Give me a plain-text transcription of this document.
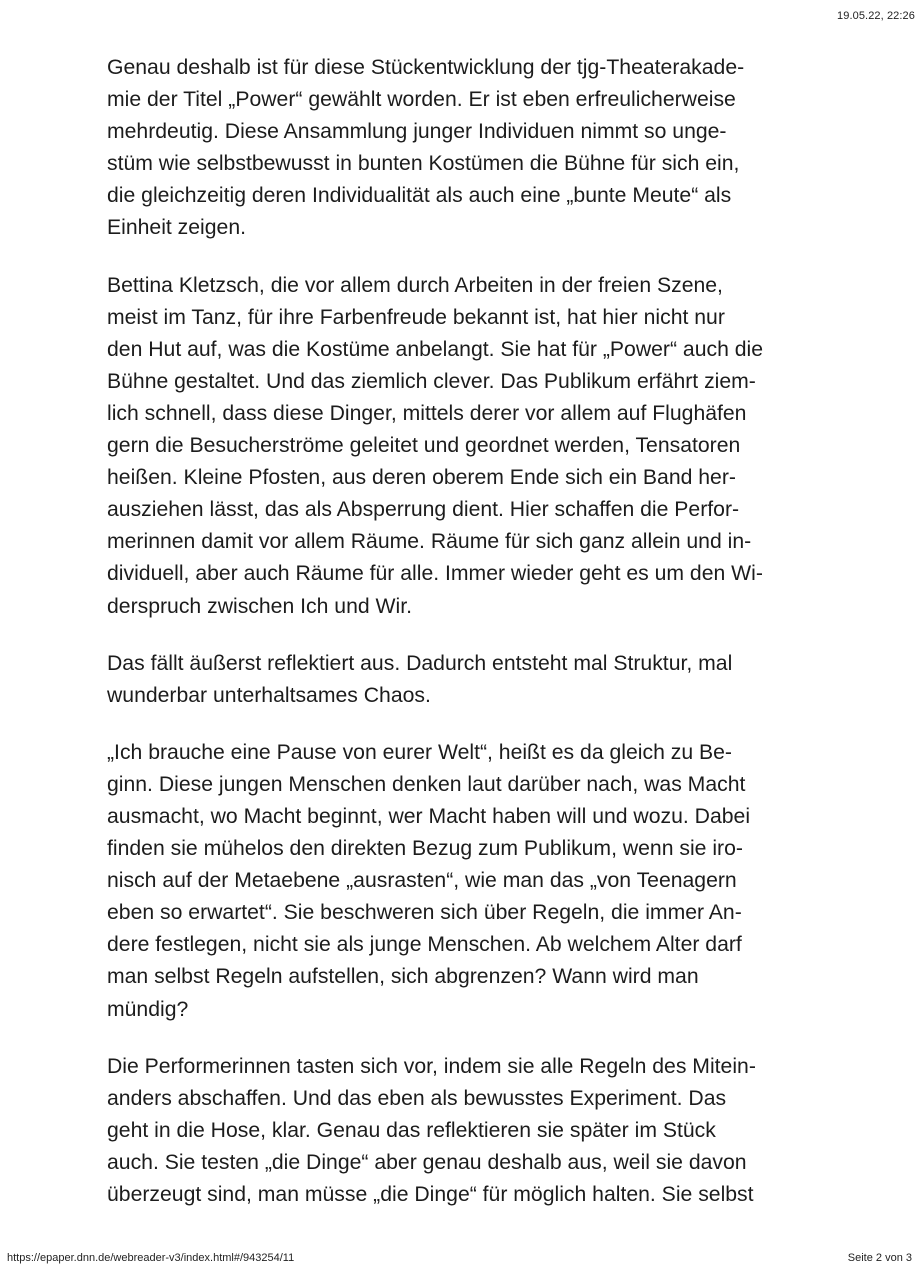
19.05.22, 22:26

Genau deshalb ist für diese Stückentwicklung der tjg-Theaterakade-
mie der Titel „Power“ gewählt worden. Er ist eben erfreulicherweise
mehrdeutig. Diese Ansammlung junger Individuen nimmt so unge-
stüm wie selbstbewusst in bunten Kostümen die Bühne für sich ein,
die gleichzeitig deren Individualität als auch eine „bunte Meute“ als
Einheit zeigen.

Bettina Kletzsch, die vor allem durch Arbeiten in der freien Szene,
meist im Tanz, für ihre Farbenfreude bekannt ist, hat hier nicht nur
den Hut auf, was die Kostüme anbelangt. Sie hat für „Power“ auch die
Bühne gestaltet. Und das ziemlich clever. Das Publikum erfährt ziem-
lich schnell, dass diese Dinger, mittels derer vor allem auf Flughäfen
gern die Besucherströme geleitet und geordnet werden, Tensatoren
heißen. Kleine Pfosten, aus deren oberem Ende sich ein Band her-
ausziehen lässt, das als Absperrung dient. Hier schaffen die Perfor-
merinnen damit vor allem Räume. Räume für sich ganz allein und in-
dividuell, aber auch Räume für alle. Immer wieder geht es um den Wi-
derspruch zwischen Ich und Wir.

Das fällt äußerst reflektiert aus. Dadurch entsteht mal Struktur, mal
wunderbar unterhaltsames Chaos.

„Ich brauche eine Pause von eurer Welt“, heißt es da gleich zu Be-
ginn. Diese jungen Menschen denken laut darüber nach, was Macht
ausmacht, wo Macht beginnt, wer Macht haben will und wozu. Dabei
finden sie mühelos den direkten Bezug zum Publikum, wenn sie iro-
nisch auf der Metaebene „ausrasten“, wie man das „von Teenagern
eben so erwartet“. Sie beschweren sich über Regeln, die immer An-
dere festlegen, nicht sie als junge Menschen. Ab welchem Alter darf
man selbst Regeln aufstellen, sich abgrenzen? Wann wird man
mündig?

Die Performerinnen tasten sich vor, indem sie alle Regeln des Mitein-
anders abschaffen. Und das eben als bewusstes Experiment. Das
geht in die Hose, klar. Genau das reflektieren sie später im Stück
auch. Sie testen „die Dinge“ aber genau deshalb aus, weil sie davon
überzeugt sind, man müsse „die Dinge“ für möglich halten. Sie selbst

https://epaper.dnn.de/webreader-v3/index.html#/943254/11	Seite 2 von 3
